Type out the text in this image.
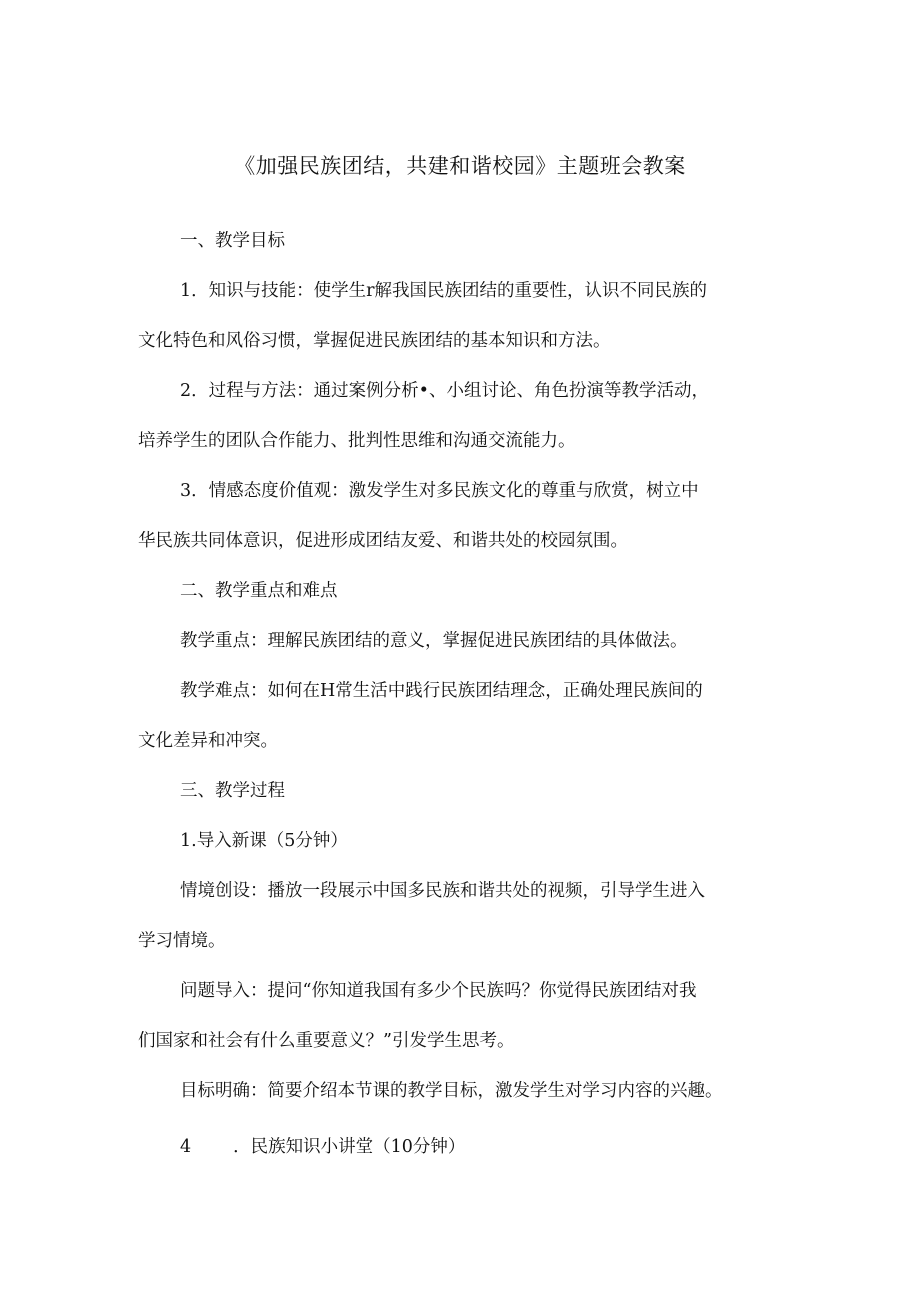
《加强民族团结，共建和谐校园》主题班会教案
一、教学目标
1．知识与技能：使学生r解我国民族团结的重要性，认识不同民族的
文化特色和风俗习惯，掌握促进民族团结的基本知识和方法。
2．过程与方法：通过案例分析•、小组讨论、角色扮演等教学活动，
培养学生的团队合作能力、批判性思维和沟通交流能力。
3．情感态度价值观：激发学生对多民族文化的尊重与欣赏，树立中
华民族共同体意识，促进形成团结友爱、和谐共处的校园氛围。
二、教学重点和难点
教学重点：理解民族团结的意义，掌握促进民族团结的具体做法。
教学难点：如何在H常生活中践行民族团结理念，正确处理民族间的
文化差异和冲突。
三、教学过程
1.导入新课（5分钟）
情境创设：播放一段展示中国多民族和谐共处的视频，引导学生进入
学习情境。
问题导入：提问“你知道我国有多少个民族吗？你觉得民族团结对我
们国家和社会有什么重要意义？”引发学生思考。
目标明确：简要介绍本节课的教学目标，激发学生对学习内容的兴趣。
4 ．民族知识小讲堂（10分钟）
